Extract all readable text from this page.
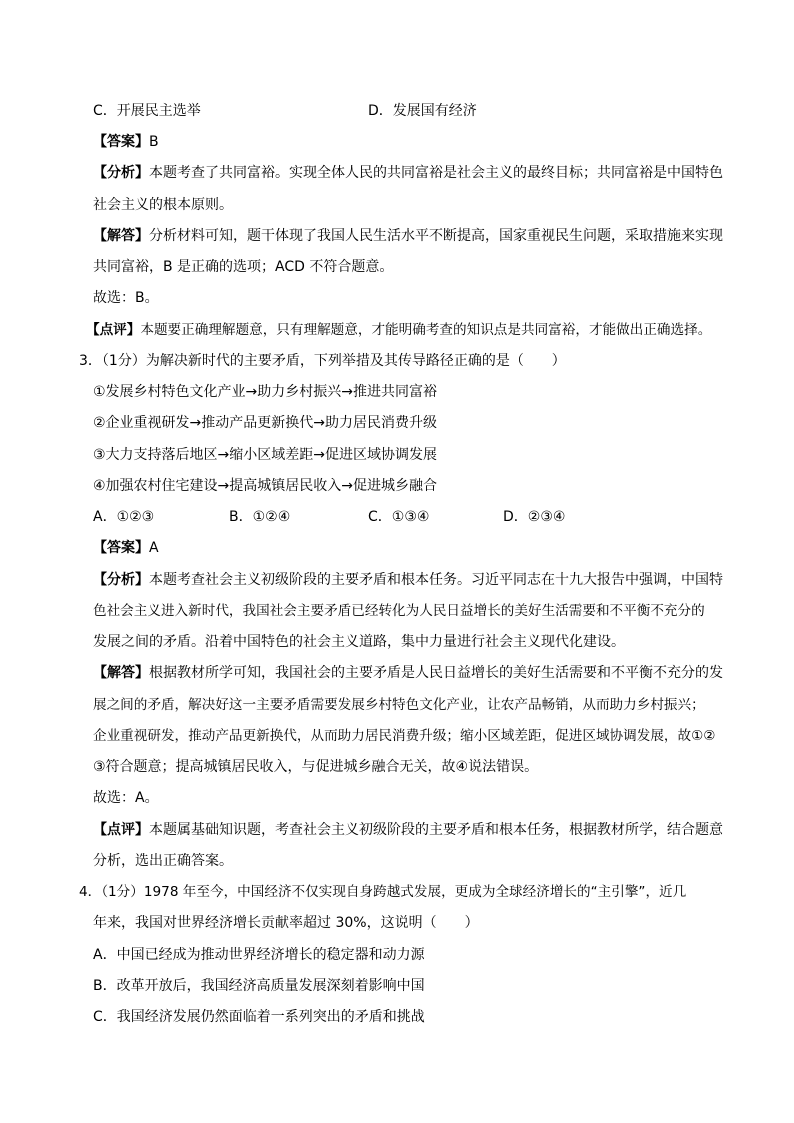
C．开展民主选举	D．发展国有经济
【答案】B
【分析】本题考查了共同富裕。实现全体人民的共同富裕是社会主义的最终目标；共同富裕是中国特色
社会主义的根本原则。
【解答】分析材料可知，题干体现了我国人民生活水平不断提高，国家重视民生问题，采取措施来实现
共同富裕，B 是正确的选项；ACD 不符合题意。
故选：B。
【点评】本题要正确理解题意，只有理解题意，才能明确考查的知识点是共同富裕，才能做出正确选择。
3．（1分）为解决新时代的主要矛盾，下列举措及其传导路径正确的是（　　）
①发展乡村特色文化产业→助力乡村振兴→推进共同富裕
②企业重视研发→推动产品更新换代→助力居民消费升级
③大力支持落后地区→缩小区域差距→促进区域协调发展
④加强农村住宅建设→提高城镇居民收入→促进城乡融合
A．①②③	B．①②④	C．①③④	D．②③④
【答案】A
【分析】本题考查社会主义初级阶段的主要矛盾和根本任务。习近平同志在十九大报告中强调，中国特
色社会主义进入新时代，我国社会主要矛盾已经转化为人民日益增长的美好生活需要和不平衡不充分的
发展之间的矛盾。沿着中国特色的社会主义道路，集中力量进行社会主义现代化建设。
【解答】根据教材所学可知，我国社会的主要矛盾是人民日益增长的美好生活需要和不平衡不充分的发
展之间的矛盾，解决好这一主要矛盾需要发展乡村特色文化产业，让农产品畅销，从而助力乡村振兴；
企业重视研发，推动产品更新换代，从而助力居民消费升级；缩小区域差距，促进区域协调发展，故①②
③符合题意；提高城镇居民收入，与促进城乡融合无关，故④说法错误。
故选：A。
【点评】本题属基础知识题，考查社会主义初级阶段的主要矛盾和根本任务，根据教材所学，结合题意
分析，选出正确答案。
4．（1分）1978 年至今，中国经济不仅实现自身跨越式发展，更成为全球经济增长的“主引擎”，近几
年来，我国对世界经济增长贡献率超过 30%，这说明（　　）
A．中国已经成为推动世界经济增长的稳定器和动力源
B．改革开放后，我国经济高质量发展深刻着影响中国
C．我国经济发展仍然面临着一系列突出的矛盾和挑战
